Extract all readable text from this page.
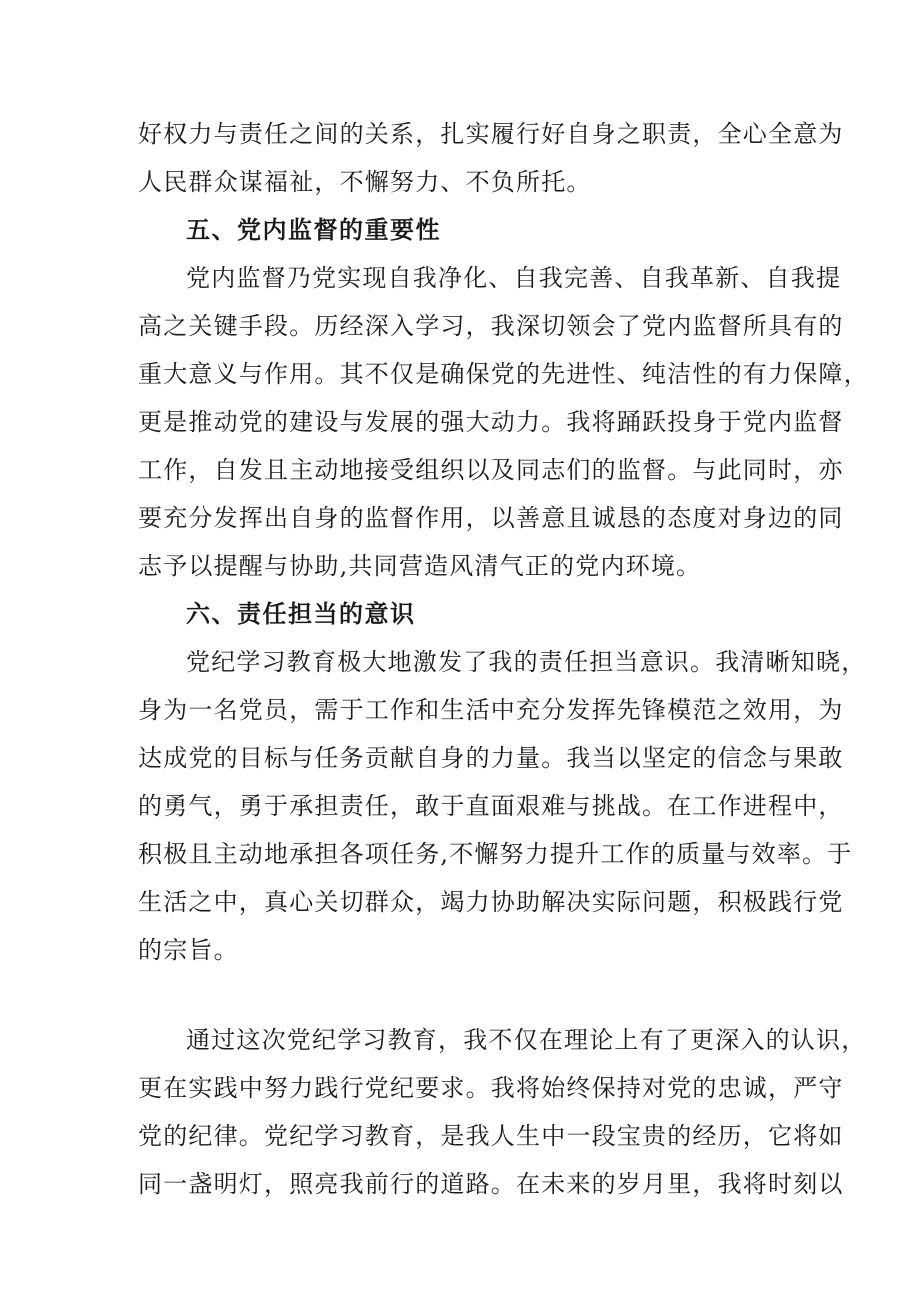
好权力与责任之间的关系，扎实履行好自身之职责，全心全意为
人民群众谋福祉，不懈努力、不负所托。
五、党内监督的重要性
党内监督乃党实现自我净化、自我完善、自我革新、自我提
高之关键手段。历经深入学习，我深切领会了党内监督所具有的
重大意义与作用。其不仅是确保党的先进性、纯洁性的有力保障，
更是推动党的建设与发展的强大动力。我将踊跃投身于党内监督
工作，自发且主动地接受组织以及同志们的监督。与此同时，亦
要充分发挥出自身的监督作用，以善意且诚恳的态度对身边的同
志予以提醒与协助,共同营造风清气正的党内环境。
六、责任担当的意识
党纪学习教育极大地激发了我的责任担当意识。我清晰知晓，
身为一名党员，需于工作和生活中充分发挥先锋模范之效用，为
达成党的目标与任务贡献自身的力量。我当以坚定的信念与果敢
的勇气，勇于承担责任，敢于直面艰难与挑战。在工作进程中，
积极且主动地承担各项任务,不懈努力提升工作的质量与效率。于
生活之中，真心关切群众，竭力协助解决实际问题，积极践行党
的宗旨。
通过这次党纪学习教育，我不仅在理论上有了更深入的认识，
更在实践中努力践行党纪要求。我将始终保持对党的忠诚，严守
党的纪律。党纪学习教育，是我人生中一段宝贵的经历，它将如
同一盏明灯，照亮我前行的道路。在未来的岁月里，我将时刻以
